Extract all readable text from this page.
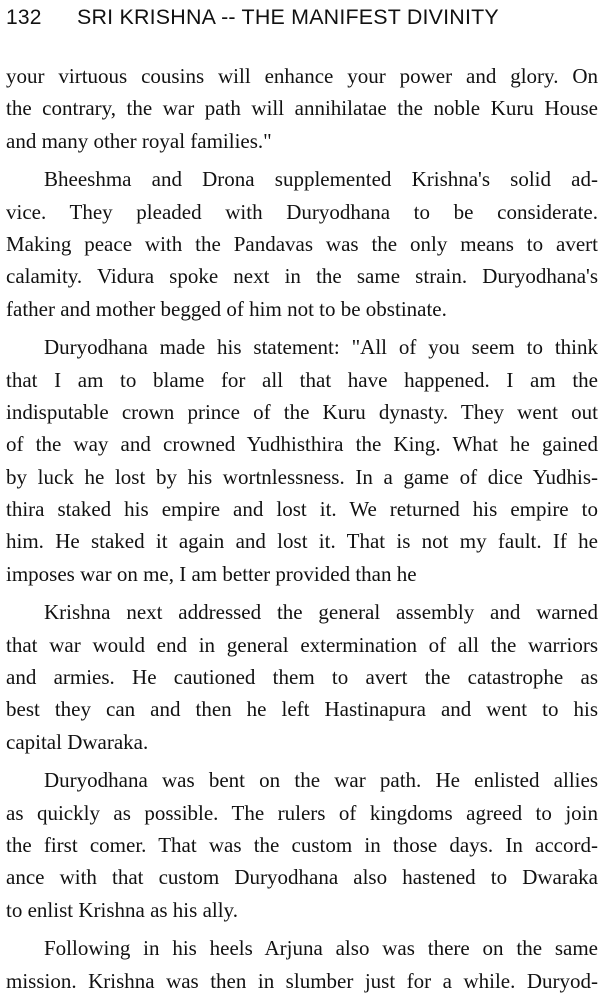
132 SRI KRISHNA -- THE MANIFEST DIVINITY
your virtuous cousins will enhance your power and glory. On
the contrary, the war path will annihilatae the noble Kuru House
and many other royal families."
Bheeshma and Drona supplemented Krishna's solid ad-
vice. They pleaded with Duryodhana to be considerate.
Making peace with the Pandavas was the only means to avert
calamity. Vidura spoke next in the same strain. Duryodhana's
father and mother begged of him not to be obstinate.
Duryodhana made his statement: "All of you seem to think
that I am to blame for all that have happened. I am the
indisputable crown prince of the Kuru dynasty. They went out
of the way and crowned Yudhisthira the King. What he gained
by luck he lost by his wortnlessness. In a game of dice Yudhis-
thira staked his empire and lost it. We returned his empire to
him. He staked it again and lost it. That is not my fault. If he
imposes war on me, I am better provided than he
Krishna next addressed the general assembly and warned
that war would end in general extermination of all the warriors
and armies. He cautioned them to avert the catastrophe as
best they can and then he left Hastinapura and went to his
capital Dwaraka.
Duryodhana was bent on the war path. He enlisted allies
as quickly as possible. The rulers of kingdoms agreed to join
the first comer. That was the custom in those days. In accord-
ance with that custom Duryodhana also hastened to Dwaraka
to enlist Krishna as his ally.
Following in his heels Arjuna also was there on the same
mission. Krishna was then in slumber just for a while. Duryod-
